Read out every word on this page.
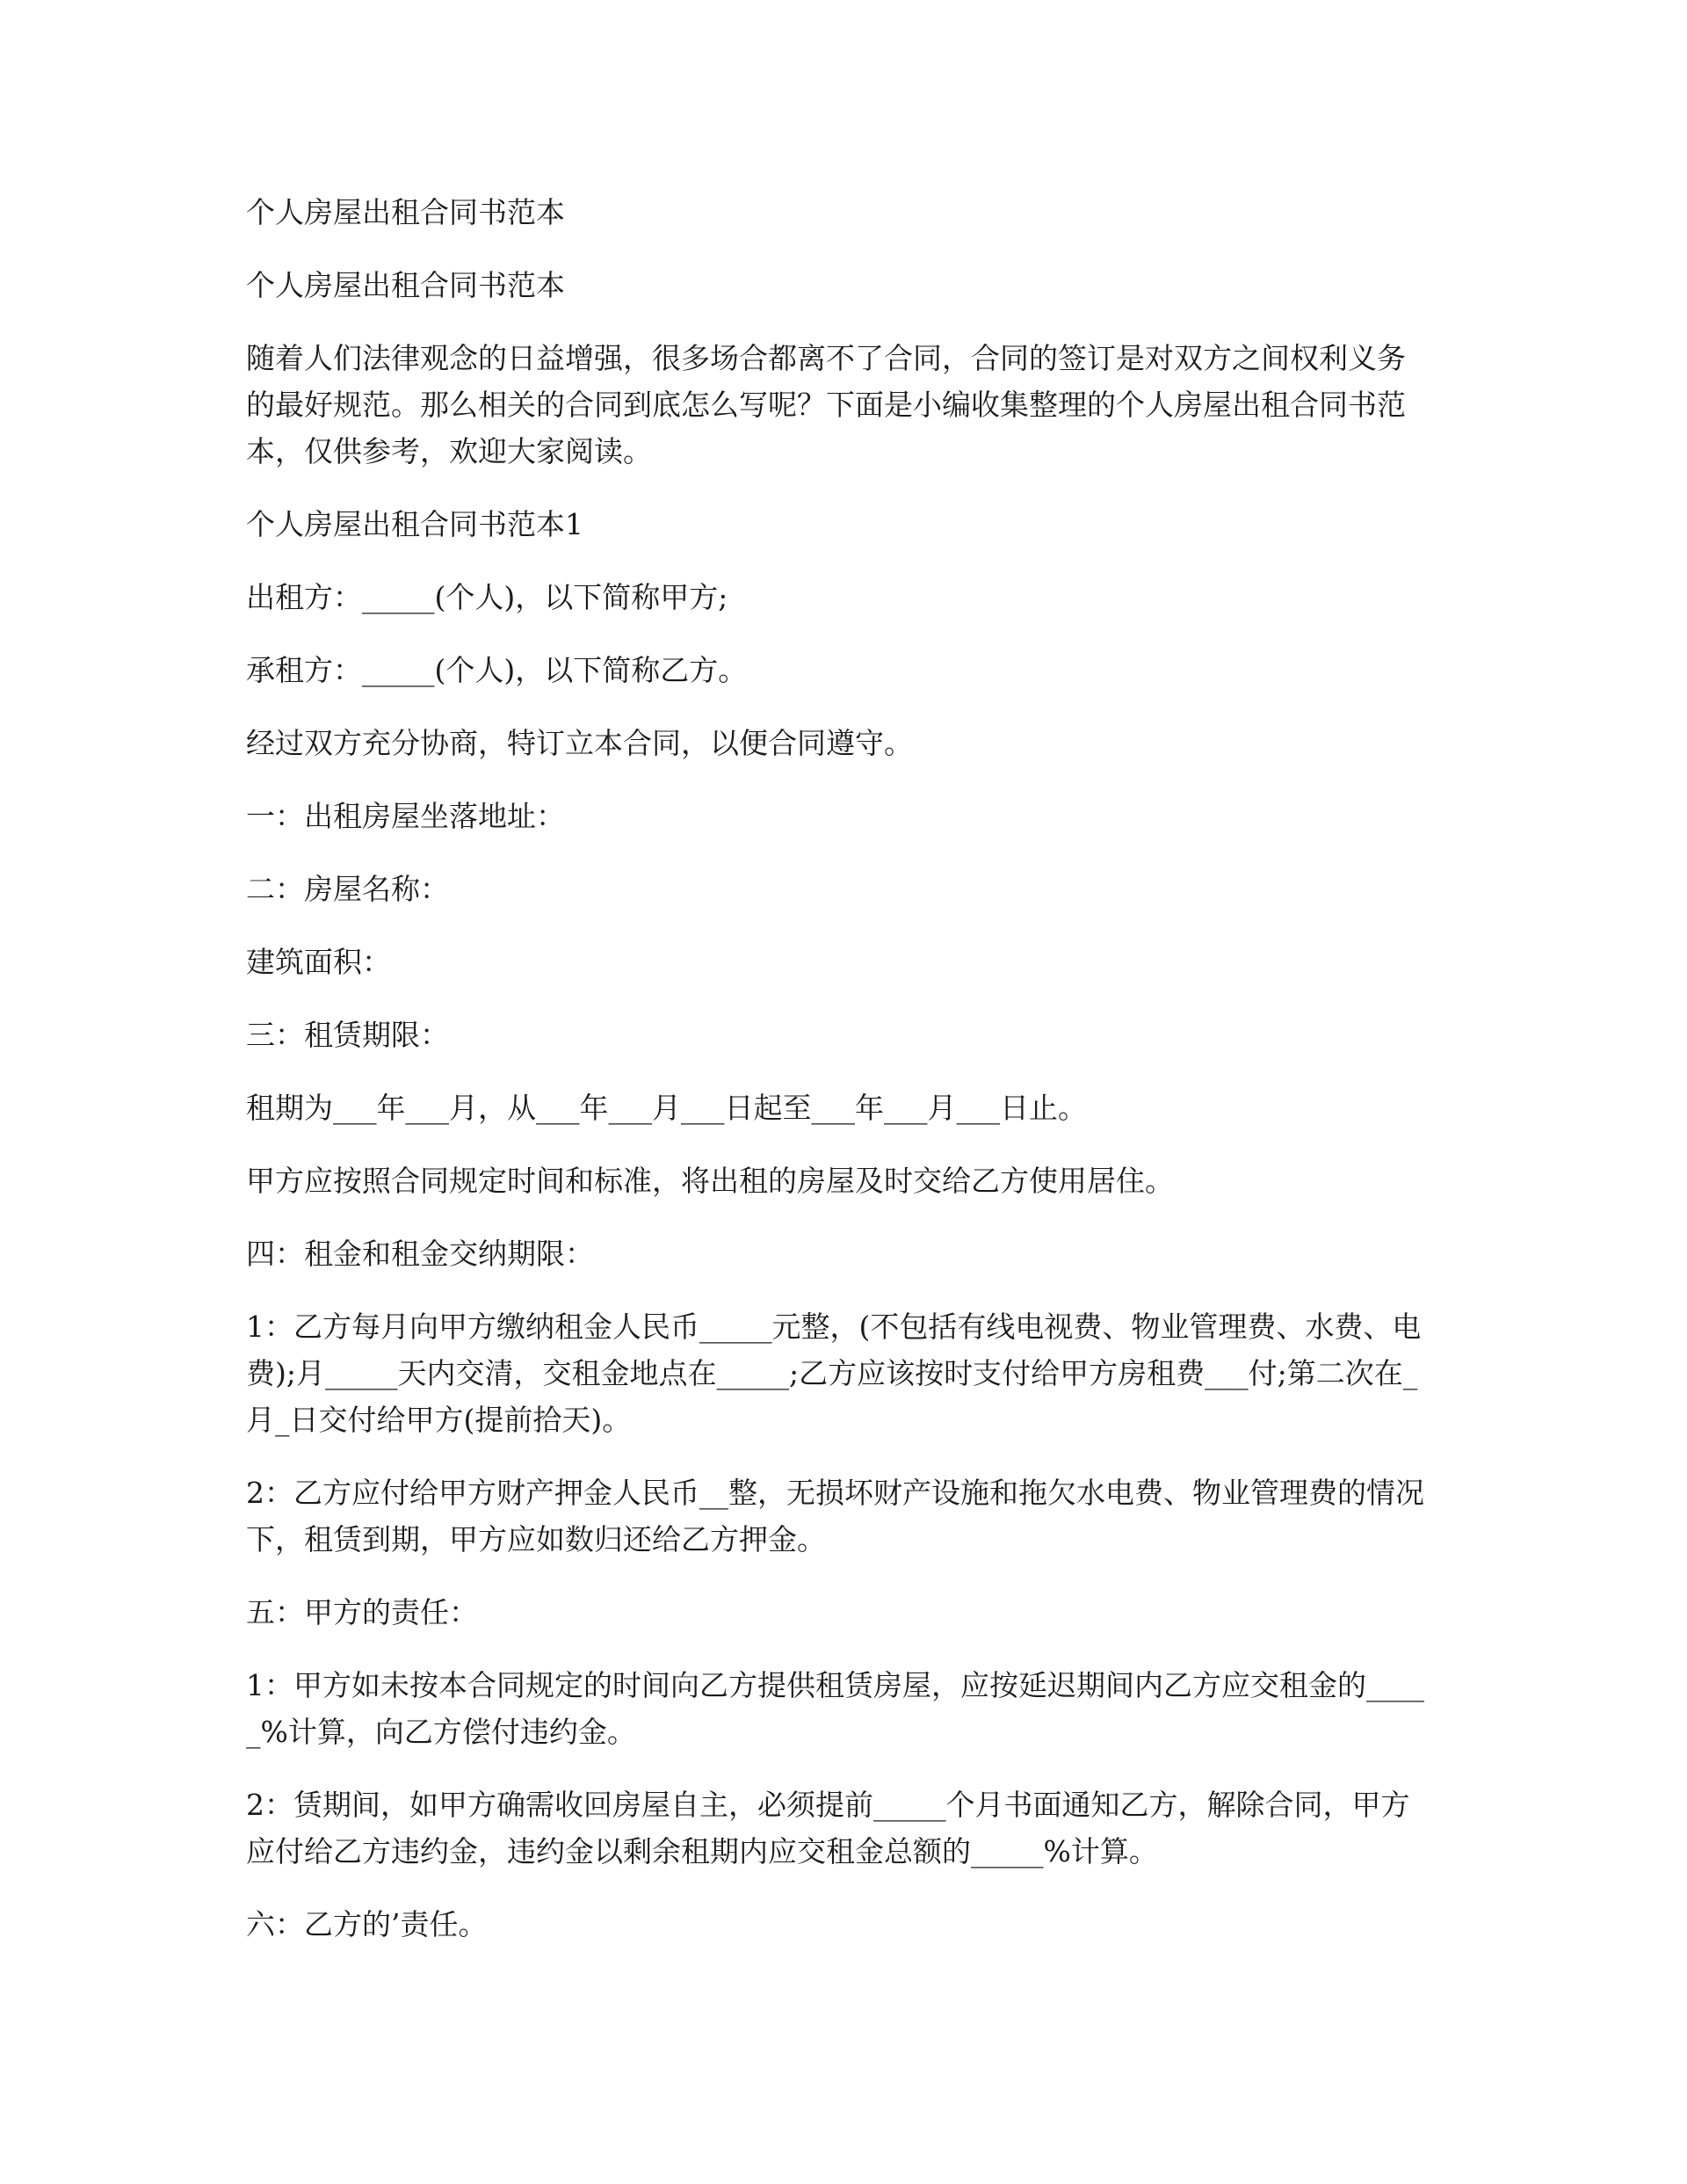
个人房屋出租合同书范本

个人房屋出租合同书范本

随着人们法律观念的日益增强，很多场合都离不了合同，合同的签订是对双方之间权利义务的最好规范。那么相关的合同到底怎么写呢？下面是小编收集整理的个人房屋出租合同书范本，仅供参考，欢迎大家阅读。

个人房屋出租合同书范本1

出租方：_____(个人)，以下简称甲方;

承租方：_____(个人)，以下简称乙方。

经过双方充分协商，特订立本合同，以便合同遵守。

一：出租房屋坐落地址：

二：房屋名称：

建筑面积：

三：租赁期限：

租期为___年___月，从___年___月___日起至___年___月___日止。

甲方应按照合同规定时间和标准，将出租的房屋及时交给乙方使用居住。

四：租金和租金交纳期限：

1：乙方每月向甲方缴纳租金人民币_____元整，(不包括有线电视费、物业管理费、水费、电费);月_____天内交清，交租金地点在_____;乙方应该按时支付给甲方房租费___付;第二次在_月_日交付给甲方(提前拾天)。

2：乙方应付给甲方财产押金人民币__整，无损坏财产设施和拖欠水电费、物业管理费的情况下，租赁到期，甲方应如数归还给乙方押金。

五：甲方的责任：

1：甲方如未按本合同规定的时间向乙方提供租赁房屋，应按延迟期间内乙方应交租金的_____%计算，向乙方偿付违约金。

2：赁期间，如甲方确需收回房屋自主，必须提前_____个月书面通知乙方，解除合同，甲方应付给乙方违约金，违约金以剩余租期内应交租金总额的_____%计算。

六：乙方的’责任。
